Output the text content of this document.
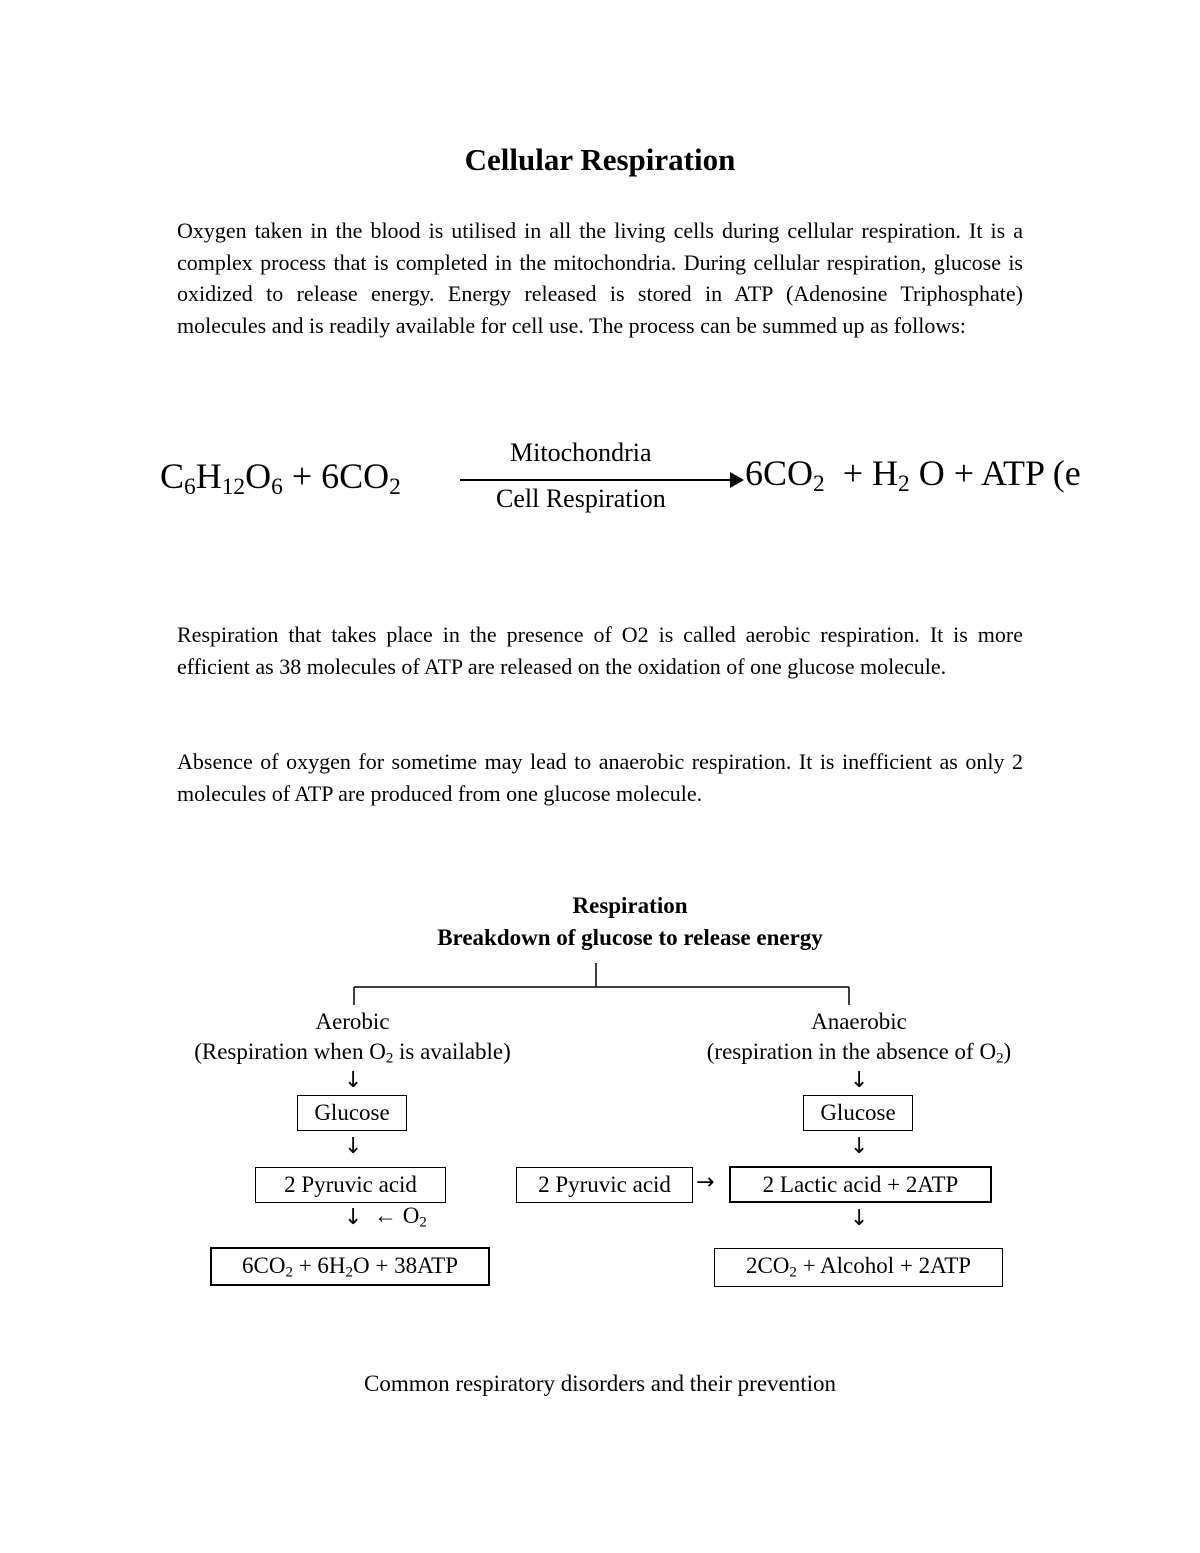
Cellular Respiration
Oxygen taken in the blood is utilised in all the living cells during cellular respiration. It is a complex process that is completed in the mitochondria. During cellular respiration, glucose is oxidized to release energy. Energy released is stored in ATP (Adenosine Triphosphate) molecules and is readily available for cell use. The process can be summed up as follows:
$C_6H_{12}O_6 + 6CO_2$
Mitochondria
Cell Respiration
$6CO_2 + H_2$ O + ATP (e
Respiration that takes place in the presence of O2 is called aerobic respiration. It is more efficient as 38 molecules of ATP are released on the oxidation of one glucose molecule.
Absence of oxygen for sometime may lead to anaerobic respiration. It is inefficient as only 2 molecules of ATP are produced from one glucose molecule.
Respiration
Breakdown of glucose to release energy
Aerobic
(Respiration when $O_2$ is available)
↓
Glucose
↓
2 Pyruvic acid
↓ ← $O_2$
$6CO_2 + 6H_2O + 38ATP$
Anaerobic
(respiration in the absence of $O_2$)
↓
Glucose
↓
2 Pyruvic acid	→	2 Lactic acid + 2ATP
↓
$2CO_2$ + Alcohol + 2ATP
Common respiratory disorders and their prevention
